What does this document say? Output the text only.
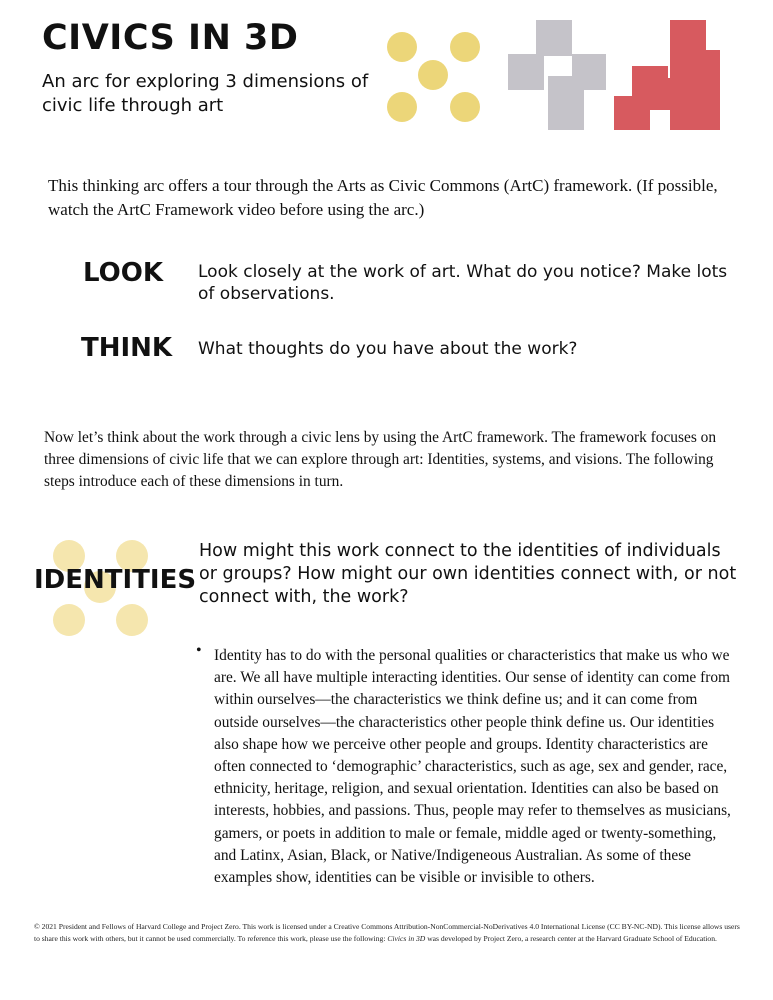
CIVICS IN 3D
An arc for exploring 3 dimensions of civic life through art
This thinking arc offers a tour through the Arts as Civic Commons (ArtC) framework. (If possible, watch the ArtC Framework video before using the arc.)
LOOK Look closely at the work of art. What do you notice? Make lots of observations.
THINK What thoughts do you have about the work?
Now let’s think about the work through a civic lens by using the ArtC framework. The framework focuses on three dimensions of civic life that we can explore through art: Identities, systems, and visions. The following steps introduce each of these dimensions in turn.
IDENTITIES
How might this work connect to the identities of individuals or groups? How might our own identities connect with, or not connect with, the work?
• Identity has to do with the personal qualities or characteristics that make us who we are. We all have multiple interacting identities. Our sense of identity can come from within ourselves—the characteristics we think define us; and it can come from outside ourselves—the characteristics other people think define us. Our identities also shape how we perceive other people and groups. Identity characteristics are often connected to ‘demographic’ characteristics, such as age, sex and gender, race, ethnicity, heritage, religion, and sexual orientation. Identities can also be based on interests, hobbies, and passions. Thus, people may refer to themselves as musicians, gamers, or poets in addition to male or female, middle aged or twenty-something, and Latinx, Asian, Black, or Native/Indigeneous Australian. As some of these examples show, identities can be visible or invisible to others.
© 2021 President and Fellows of Harvard College and Project Zero. This work is licensed under a Creative Commons Attribution-NonCommercial-NoDerivatives 4.0 International License (CC BY-NC-ND). This license allows users to share this work with others, but it cannot be used commercially. To reference this work, please use the following: Civics in 3D was developed by Project Zero, a research center at the Harvard Graduate School of Education.
